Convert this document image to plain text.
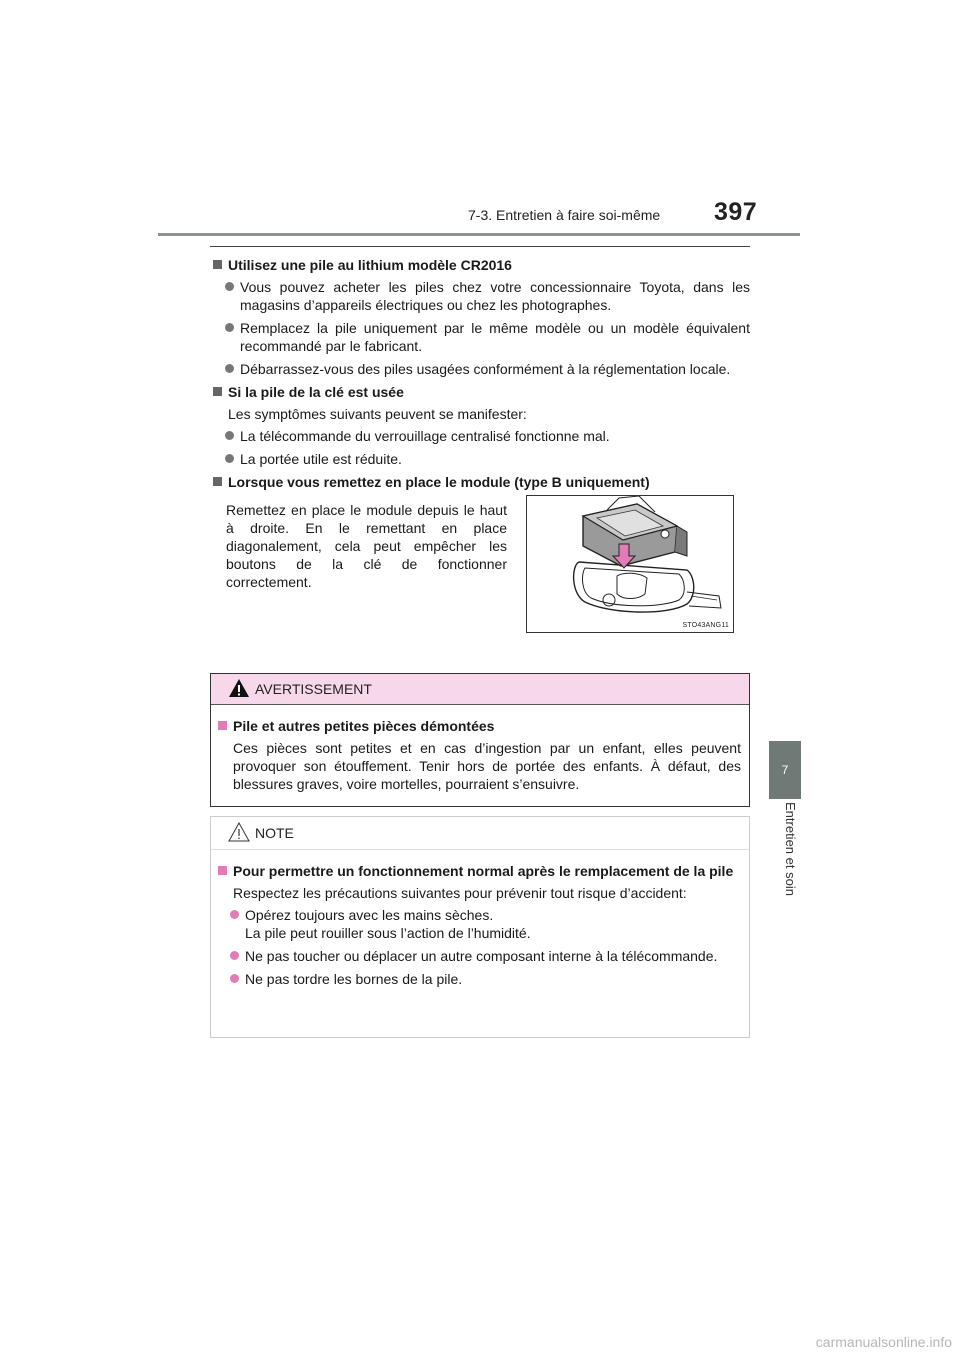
7-3. Entretien à faire soi-même 397
7
Entretien et soin
Utilisez une pile au lithium modèle CR2016
Vous pouvez acheter les piles chez votre concessionnaire Toyota, dans les magasins d’appareils électriques ou chez les photographes.
Remplacez la pile uniquement par le même modèle ou un modèle équivalent recommandé par le fabricant.
Débarrassez-vous des piles usagées conformément à la réglementation locale.
Si la pile de la clé est usée
Les symptômes suivants peuvent se manifester:
La télécommande du verrouillage centralisé fonctionne mal.
La portée utile est réduite.
Lorsque vous remettez en place le module (type B uniquement)
Remettez en place le module depuis le haut à droite. En le remettant en place diagonalement, cela peut empêcher les boutons de la clé de fonctionner correctement.
STO43ANG11
AVERTISSEMENT
Pile et autres petites pièces démontées
Ces pièces sont petites et en cas d’ingestion par un enfant, elles peuvent provoquer son étouffement. Tenir hors de portée des enfants. À défaut, des blessures graves, voire mortelles, pourraient s’ensuivre.
NOTE
Pour permettre un fonctionnement normal après le remplacement de la pile
Respectez les précautions suivantes pour prévenir tout risque d’accident:
Opérez toujours avec les mains sèches.
La pile peut rouiller sous l’action de l’humidité.
Ne pas toucher ou déplacer un autre composant interne à la télécommande.
Ne pas tordre les bornes de la pile.
carmanualsonline.info
